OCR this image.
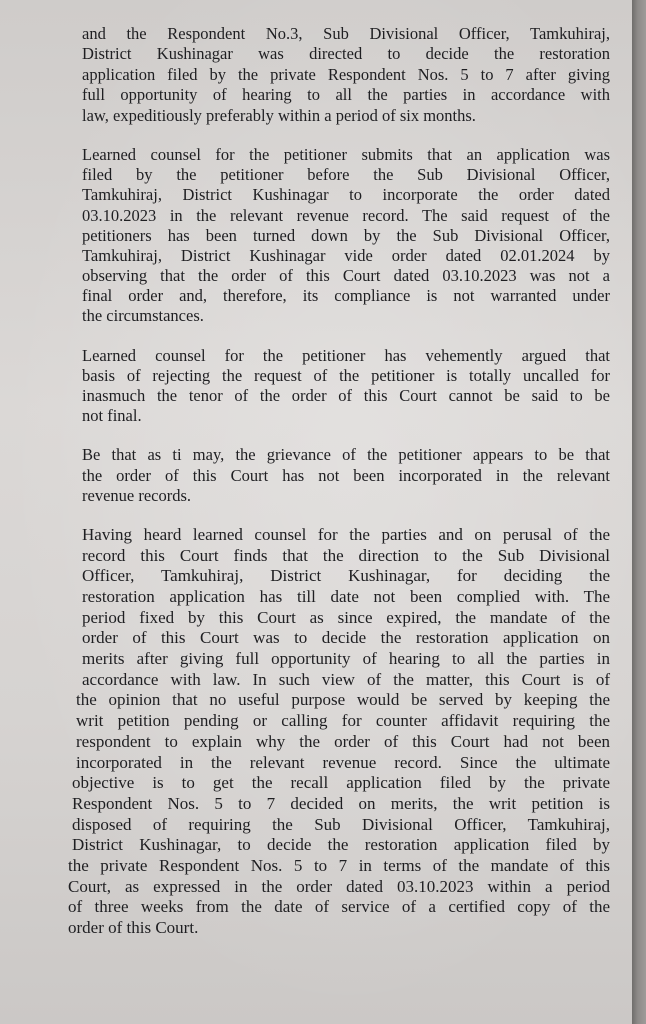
and the Respondent No.3, Sub Divisional Officer, Tamkuhiraj,
District Kushinagar was directed to decide the restoration
application filed by the private Respondent Nos. 5 to 7 after giving
full opportunity of hearing to all the parties in accordance with
law, expeditiously preferably within a period of six months.

Learned counsel for the petitioner submits that an application was
filed by the petitioner before the Sub Divisional Officer,
Tamkuhiraj, District Kushinagar to incorporate the order dated
03.10.2023 in the relevant revenue record. The said request of the
petitioners has been turned down by the Sub Divisional Officer,
Tamkuhiraj, District Kushinagar vide order dated 02.01.2024 by
observing that the order of this Court dated 03.10.2023 was not a
final order and, therefore, its compliance is not warranted under
the circumstances.

Learned counsel for the petitioner has vehemently argued that
basis of rejecting the request of the petitioner is totally uncalled for
inasmuch the tenor of the order of this Court cannot be said to be
not final.

Be that as ti may, the grievance of the petitioner appears to be that
the order of this Court has not been incorporated in the relevant
revenue records.

Having heard learned counsel for the parties and on perusal of the
record this Court finds that the direction to the Sub Divisional
Officer, Tamkuhiraj, District Kushinagar, for deciding the
restoration application has till date not been complied with. The
period fixed by this Court as since expired, the mandate of the
order of this Court was to decide the restoration application on
merits after giving full opportunity of hearing to all the parties in
accordance with law. In such view of the matter, this Court is of
the opinion that no useful purpose would be served by keeping the
writ petition pending or calling for counter affidavit requiring the
respondent to explain why the order of this Court had not been
incorporated in the relevant revenue record. Since the ultimate
objective is to get the recall application filed by the private
Respondent Nos. 5 to 7 decided on merits, the writ petition is
disposed of requiring the Sub Divisional Officer, Tamkuhiraj,
District Kushinagar, to decide the restoration application filed by
the private Respondent Nos. 5 to 7 in terms of the mandate of this
Court, as expressed in the order dated 03.10.2023 within a period
of three weeks from the date of service of a certified copy of the
order of this Court.
